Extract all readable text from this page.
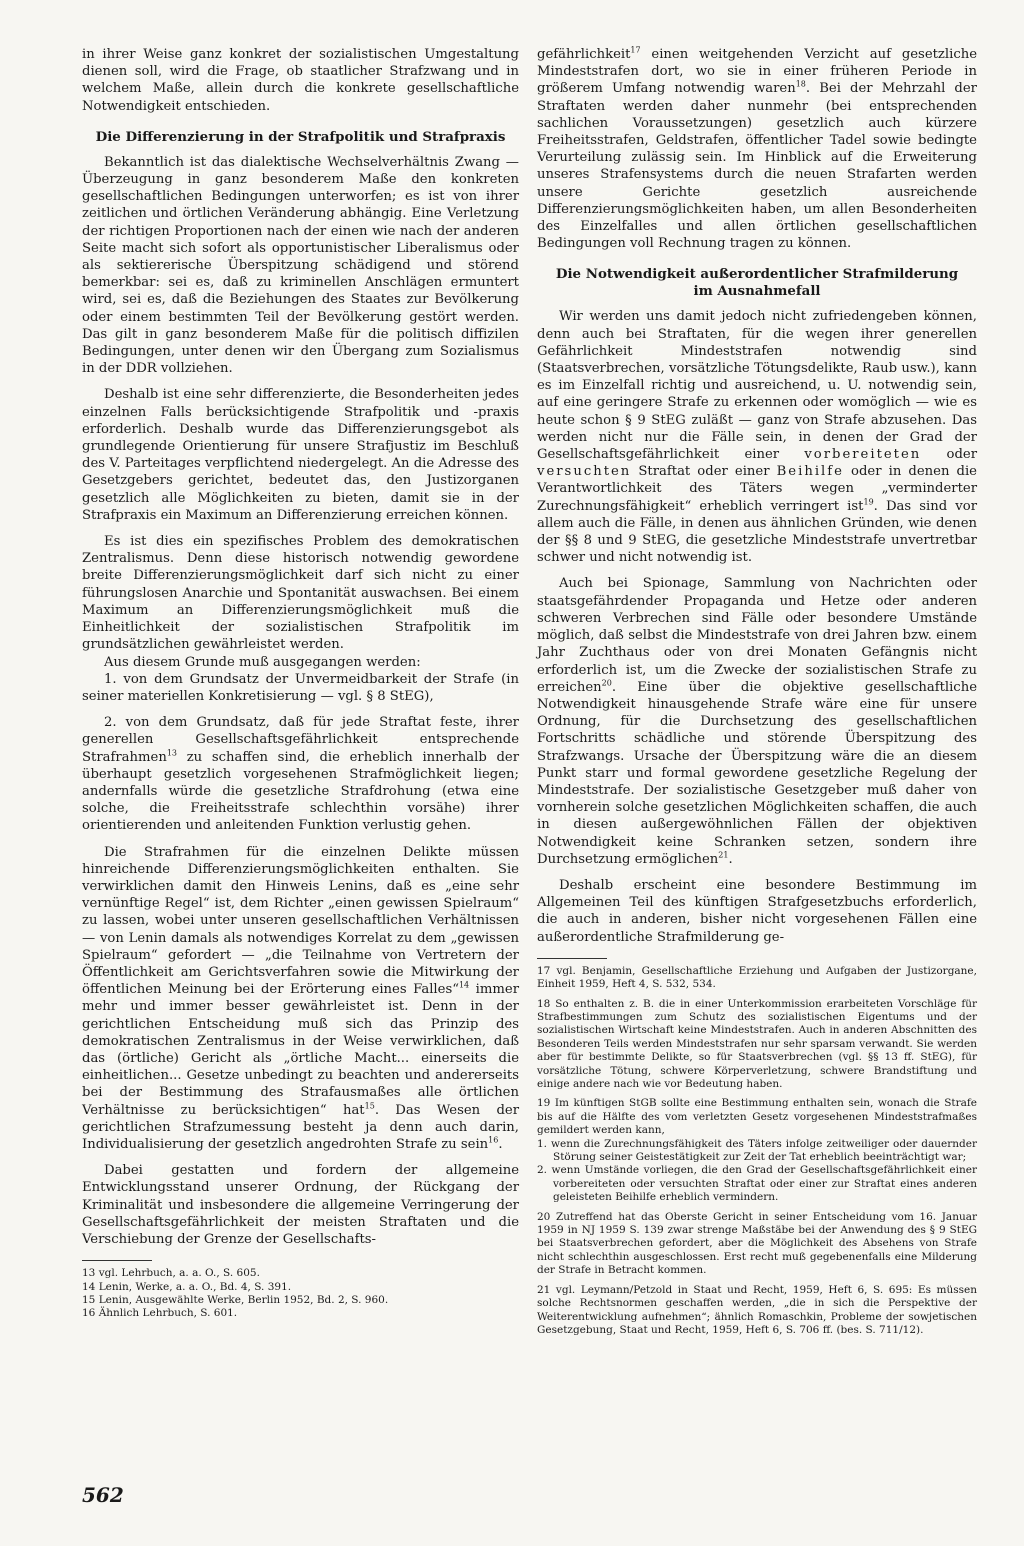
in ihrer Weise ganz konkret der sozialistischen Umgestaltung dienen soll, wird die Frage, ob staatlicher Strafzwang und in welchem Maße, allein durch die konkrete gesellschaftliche Notwendigkeit entschieden.

Die Differenzierung in der Strafpolitik und Strafpraxis

Bekanntlich ist das dialektische Wechselverhältnis Zwang — Überzeugung in ganz besonderem Maße den konkreten gesellschaftlichen Bedingungen unterworfen; es ist von ihrer zeitlichen und örtlichen Veränderung abhängig. Eine Verletzung der richtigen Proportionen nach der einen wie nach der anderen Seite macht sich sofort als opportunistischer Liberalismus oder als sektiererische Überspitzung schädigend und störend bemerkbar: sei es, daß zu kriminellen Anschlägen ermuntert wird, sei es, daß die Beziehungen des Staates zur Bevölkerung oder einem bestimmten Teil der Bevölkerung gestört werden. Das gilt in ganz besonderem Maße für die politisch diffizilen Bedingungen, unter denen wir den Übergang zum Sozialismus in der DDR vollziehen.

Deshalb ist eine sehr differenzierte, die Besonderheiten jedes einzelnen Falls berücksichtigende Strafpolitik und -praxis erforderlich. Deshalb wurde das Differenzierungsgebot als grundlegende Orientierung für unsere Strafjustiz im Beschluß des V. Parteitages verpflichtend niedergelegt. An die Adresse des Gesetzgebers gerichtet, bedeutet das, den Justizorganen gesetzlich alle Möglichkeiten zu bieten, damit sie in der Strafpraxis ein Maximum an Differenzierung erreichen können.

Es ist dies ein spezifisches Problem des demokratischen Zentralismus. Denn diese historisch notwendig gewordene breite Differenzierungsmöglichkeit darf sich nicht zu einer führungslosen Anarchie und Spontanität auswachsen. Bei einem Maximum an Differenzierungsmöglichkeit muß die Einheitlichkeit der sozialistischen Strafpolitik im grundsätzlichen gewährleistet werden.

Aus diesem Grunde muß ausgegangen werden:

1. von dem Grundsatz der Unvermeidbarkeit der Strafe (in seiner materiellen Konkretisierung — vgl. § 8 StEG),

2. von dem Grundsatz, daß für jede Straftat feste, ihrer generellen Gesellschaftsgefährlichkeit entsprechende Strafrahmen$^{13}$ zu schaffen sind, die erheblich innerhalb der überhaupt gesetzlich vorgesehenen Strafmöglichkeit liegen; andernfalls würde die gesetzliche Strafdrohung (etwa eine solche, die Freiheitsstrafe schlechthin vorsähe) ihrer orientierenden und anleitenden Funktion verlustig gehen.

Die Strafrahmen für die einzelnen Delikte müssen hinreichende Differenzierungsmöglichkeiten enthalten. Sie verwirklichen damit den Hinweis Lenins, daß es „eine sehr vernünftige Regel“ ist, dem Richter „einen gewissen Spielraum“ zu lassen, wobei unter unseren gesellschaftlichen Verhältnissen — von Lenin damals als notwendiges Korrelat zu dem „gewissen Spielraum“ gefordert — „die Teilnahme von Vertretern der Öffentlichkeit am Gerichtsverfahren sowie die Mitwirkung der öffentlichen Meinung bei der Erörterung eines Falles“$^{14}$ immer mehr und immer besser gewährleistet ist. Denn in der gerichtlichen Entscheidung muß sich das Prinzip des demokratischen Zentralismus in der Weise verwirklichen, daß das (örtliche) Gericht als „örtliche Macht... einerseits die einheitlichen... Gesetze unbedingt zu beachten und andererseits bei der Bestimmung des Strafausmaßes alle örtlichen Verhältnisse zu berücksichtigen“ hat$^{15}$. Das Wesen der gerichtlichen Strafzumessung besteht ja denn auch darin, Individualisierung der gesetzlich angedrohten Strafe zu sein$^{16}$.

Dabei gestatten und fordern der allgemeine Entwicklungsstand unserer Ordnung, der Rückgang der Kriminalität und insbesondere die allgemeine Verringerung der Gesellschaftsgefährlichkeit der meisten Straftaten und die Verschiebung der Grenze der Gesellschafts-

13 vgl. Lehrbuch, a. a. O., S. 605.

14 Lenin, Werke, a. a. O., Bd. 4, S. 391.

15 Lenin, Ausgewählte Werke, Berlin 1952, Bd. 2, S. 960.

16 Ähnlich Lehrbuch, S. 601.

gefährlichkeit$^{17}$ einen weitgehenden Verzicht auf gesetzliche Mindeststrafen dort, wo sie in einer früheren Periode in größerem Umfang notwendig waren$^{18}$. Bei der Mehrzahl der Straftaten werden daher nunmehr (bei entsprechenden sachlichen Voraussetzungen) gesetzlich auch kürzere Freiheitsstrafen, Geldstrafen, öffentlicher Tadel sowie bedingte Verurteilung zulässig sein. Im Hinblick auf die Erweiterung unseres Strafensystems durch die neuen Strafarten werden unsere Gerichte gesetzlich ausreichende Differenzierungsmöglichkeiten haben, um allen Besonderheiten des Einzelfalles und allen örtlichen gesellschaftlichen Bedingungen voll Rechnung tragen zu können.

Die Notwendigkeit außerordentlicher Strafmilderung
im Ausnahmefall

Wir werden uns damit jedoch nicht zufriedengeben können, denn auch bei Straftaten, für die wegen ihrer generellen Gefährlichkeit Mindeststrafen notwendig sind (Staatsverbrechen, vorsätzliche Tötungsdelikte, Raub usw.), kann es im Einzelfall richtig und ausreichend, u. U. notwendig sein, auf eine geringere Strafe zu erkennen oder womöglich — wie es heute schon § 9 StEG zuläßt — ganz von Strafe abzusehen. Das werden nicht nur die Fälle sein, in denen der Grad der Gesellschaftsgefährlichkeit einer vorbereiteten oder versuchten Straftat oder einer Beihilfe oder in denen die Verantwortlichkeit des Täters wegen „verminderter Zurechnungsfähigkeit“ erheblich verringert ist$^{19}$. Das sind vor allem auch die Fälle, in denen aus ähnlichen Gründen, wie denen der §§ 8 und 9 StEG, die gesetzliche Mindeststrafe unvertretbar schwer und nicht notwendig ist.

Auch bei Spionage, Sammlung von Nachrichten oder staatsgefährdender Propaganda und Hetze oder anderen schweren Verbrechen sind Fälle oder besondere Umstände möglich, daß selbst die Mindeststrafe von drei Jahren bzw. einem Jahr Zuchthaus oder von drei Monaten Gefängnis nicht erforderlich ist, um die Zwecke der sozialistischen Strafe zu erreichen$^{20}$. Eine über die objektive gesellschaftliche Notwendigkeit hinausgehende Strafe wäre eine für unsere Ordnung, für die Durchsetzung des gesellschaftlichen Fortschritts schädliche und störende Überspitzung des Strafzwangs. Ursache der Überspitzung wäre die an diesem Punkt starr und formal gewordene gesetzliche Regelung der Mindeststrafe. Der sozialistische Gesetzgeber muß daher von vornherein solche gesetzlichen Möglichkeiten schaffen, die auch in diesen außergewöhnlichen Fällen der objektiven Notwendigkeit keine Schranken setzen, sondern ihre Durchsetzung ermöglichen$^{21}$.

Deshalb erscheint eine besondere Bestimmung im Allgemeinen Teil des künftigen Strafgesetzbuchs erforderlich, die auch in anderen, bisher nicht vorgesehenen Fällen eine außerordentliche Strafmilderung ge-

17 vgl. Benjamin, Gesellschaftliche Erziehung und Aufgaben der Justizorgane, Einheit 1959, Heft 4, S. 532, 534.

18 So enthalten z. B. die in einer Unterkommission erarbeiteten Vorschläge für Strafbestimmungen zum Schutz des sozialistischen Eigentums und der sozialistischen Wirtschaft keine Mindeststrafen. Auch in anderen Abschnitten des Besonderen Teils werden Mindeststrafen nur sehr sparsam verwandt. Sie werden aber für bestimmte Delikte, so für Staatsverbrechen (vgl. §§ 13 ff. StEG), für vorsätzliche Tötung, schwere Körperverletzung, schwere Brandstiftung und einige andere nach wie vor Bedeutung haben.

19 Im künftigen StGB sollte eine Bestimmung enthalten sein, wonach die Strafe bis auf die Hälfte des vom verletzten Gesetz vorgesehenen Mindeststrafmaßes gemildert werden kann,

1. wenn die Zurechnungsfähigkeit des Täters infolge zeitweiliger oder dauernder Störung seiner Geistestätigkeit zur Zeit der Tat erheblich beeinträchtigt war;

2. wenn Umstände vorliegen, die den Grad der Gesellschaftsgefährlichkeit einer vorbereiteten oder versuchten Straftat oder einer zur Straftat eines anderen geleisteten Beihilfe erheblich vermindern.

20 Zutreffend hat das Oberste Gericht in seiner Entscheidung vom 16. Januar 1959 in NJ 1959 S. 139 zwar strenge Maßstäbe bei der Anwendung des § 9 StEG bei Staatsverbrechen gefordert, aber die Möglichkeit des Absehens von Strafe nicht schlechthin ausgeschlossen. Erst recht muß gegebenenfalls eine Milderung der Strafe in Betracht kommen.

21 vgl. Leymann/Petzold in Staat und Recht, 1959, Heft 6, S. 695: Es müssen solche Rechtsnormen geschaffen werden, „die in sich die Perspektive der Weiterentwicklung aufnehmen“; ähnlich Romaschkin, Probleme der sowjetischen Gesetzgebung, Staat und Recht, 1959, Heft 6, S. 706 ff. (bes. S. 711/12).

562
